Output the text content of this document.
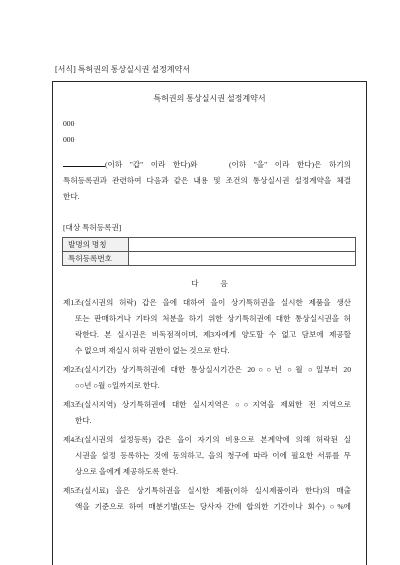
[서식] 특허권의 통상실시권 설정계약서
특허권의 통상실시권 설정계약서
000
000
(이하 "갑" 이라 한다)와	(이하 "을" 이라 한다)은 하기의
특허등록권과 관련하여 다음과 같은 내용 및 조건의 통상실시권 설정계약을 체결
한다.
[대상 특허등록권]
발명의 명칭	
특허등록번호	
다 음
제1조(실시권의 허락) 갑은 을에 대하여 을이 상기특허권을 실시한 제품을 생산
또는 판매하거나 기타의 처분을 하기 위한 상기특허권에 대한 통상실시권을 허
락한다. 본 실시권은 비독점적이며, 제3자에게 양도할 수 없고 담보에 제공할
수 없으며 재실시 허락 권한이 없는 것으로 한다.
제2조(실시기간) 상기특허권에 대한 통상실시기간은 20○○년 ○월 ○일부터 20
○○년 ○월 ○일까지로 한다.
제3조(실시지역) 상기특허권에 대한 실시지역은 ○○지역을 제외한 전 지역으로
한다.
제4조(실시권의 설정등록) 갑은 을이 자기의 비용으로 본계약에 의해 허락된 실
시권을 설정 등록하는 것에 동의하고, 을의 청구에 따라 이에 필요한 서류를 무
상으로 을에게 제공하도록 한다.
제5조(실시료) 을은 상기특허권을 실시한 제품(이하 실시제품이라 한다)의 매출
액을 기준으로 하여 매분기별(또는 당사자 간에 합의한 기간이나 회수) ○%에
